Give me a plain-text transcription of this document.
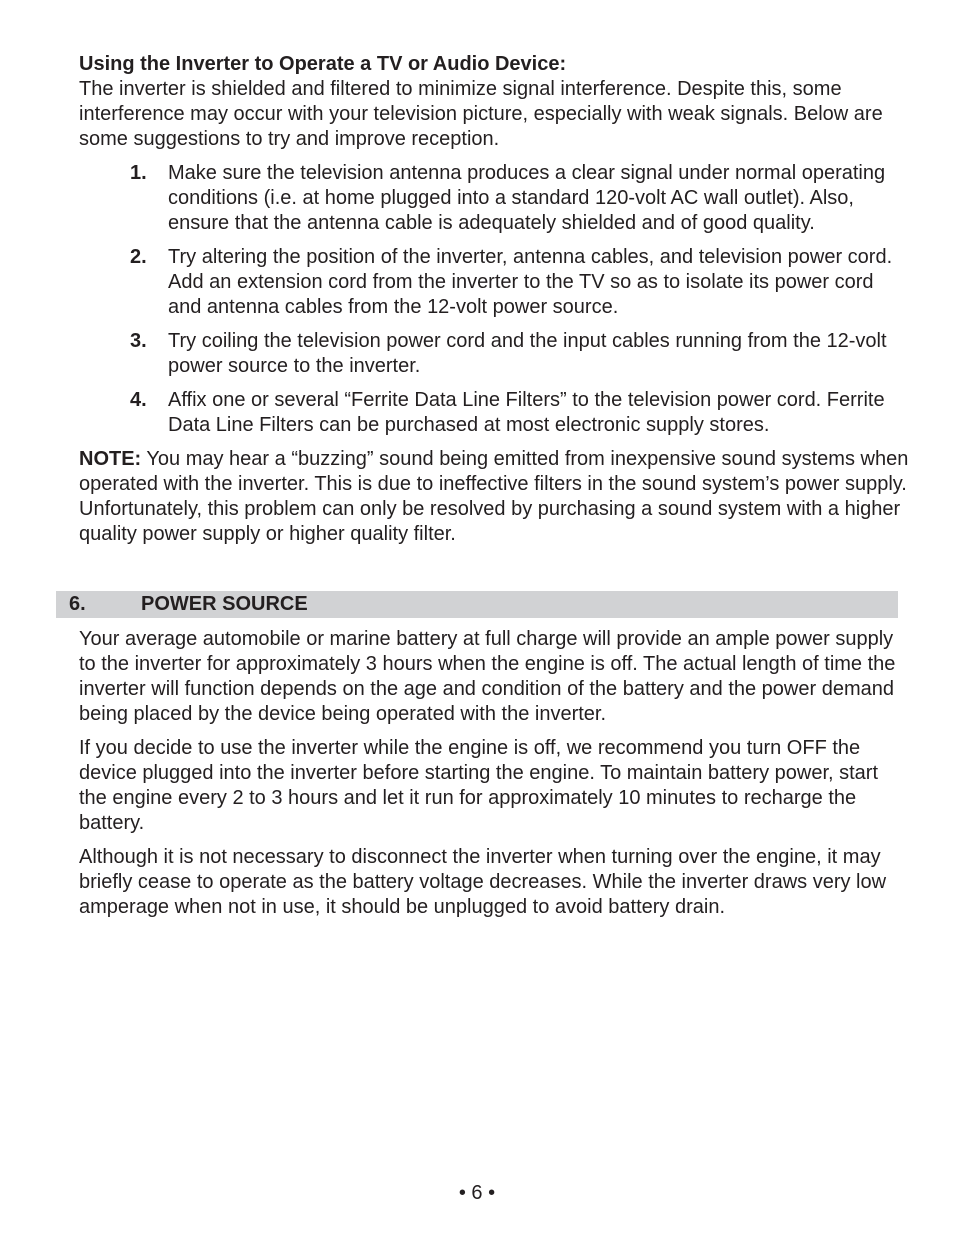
Using the Inverter to Operate a TV or Audio Device:

The inverter is shielded and filtered to minimize signal interference. Despite this, some interference may occur with your television picture, especially with weak signals. Below are some suggestions to try and improve reception.

1. Make sure the television antenna produces a clear signal under normal operating conditions (i.e. at home plugged into a standard 120-volt AC wall outlet). Also, ensure that the antenna cable is adequately shielded and of good quality.
2. Try altering the position of the inverter, antenna cables, and television power cord. Add an extension cord from the inverter to the TV so as to isolate its power cord and antenna cables from the 12-volt power source.
3. Try coiling the television power cord and the input cables running from the 12-volt power source to the inverter.
4. Affix one or several “Ferrite Data Line Filters” to the television power cord. Ferrite Data Line Filters can be purchased at most electronic supply stores.

NOTE: You may hear a “buzzing” sound being emitted from inexpensive sound systems when operated with the inverter. This is due to ineffective filters in the sound system’s power supply. Unfortunately, this problem can only be resolved by purchasing a sound system with a higher quality power supply or higher quality filter.

6.	POWER SOURCE

Your average automobile or marine battery at full charge will provide an ample power supply to the inverter for approximately 3 hours when the engine is off. The actual length of time the inverter will function depends on the age and condition of the battery and the power demand being placed by the device being operated with the inverter.

If you decide to use the inverter while the engine is off, we recommend you turn OFF the device plugged into the inverter before starting the engine. To maintain battery power, start the engine every 2 to 3 hours and let it run for approximately 10 minutes to recharge the battery.

Although it is not necessary to disconnect the inverter when turning over the engine, it may briefly cease to operate as the battery voltage decreases. While the inverter draws very low amperage when not in use, it should be unplugged to avoid battery drain.

• 6 •
